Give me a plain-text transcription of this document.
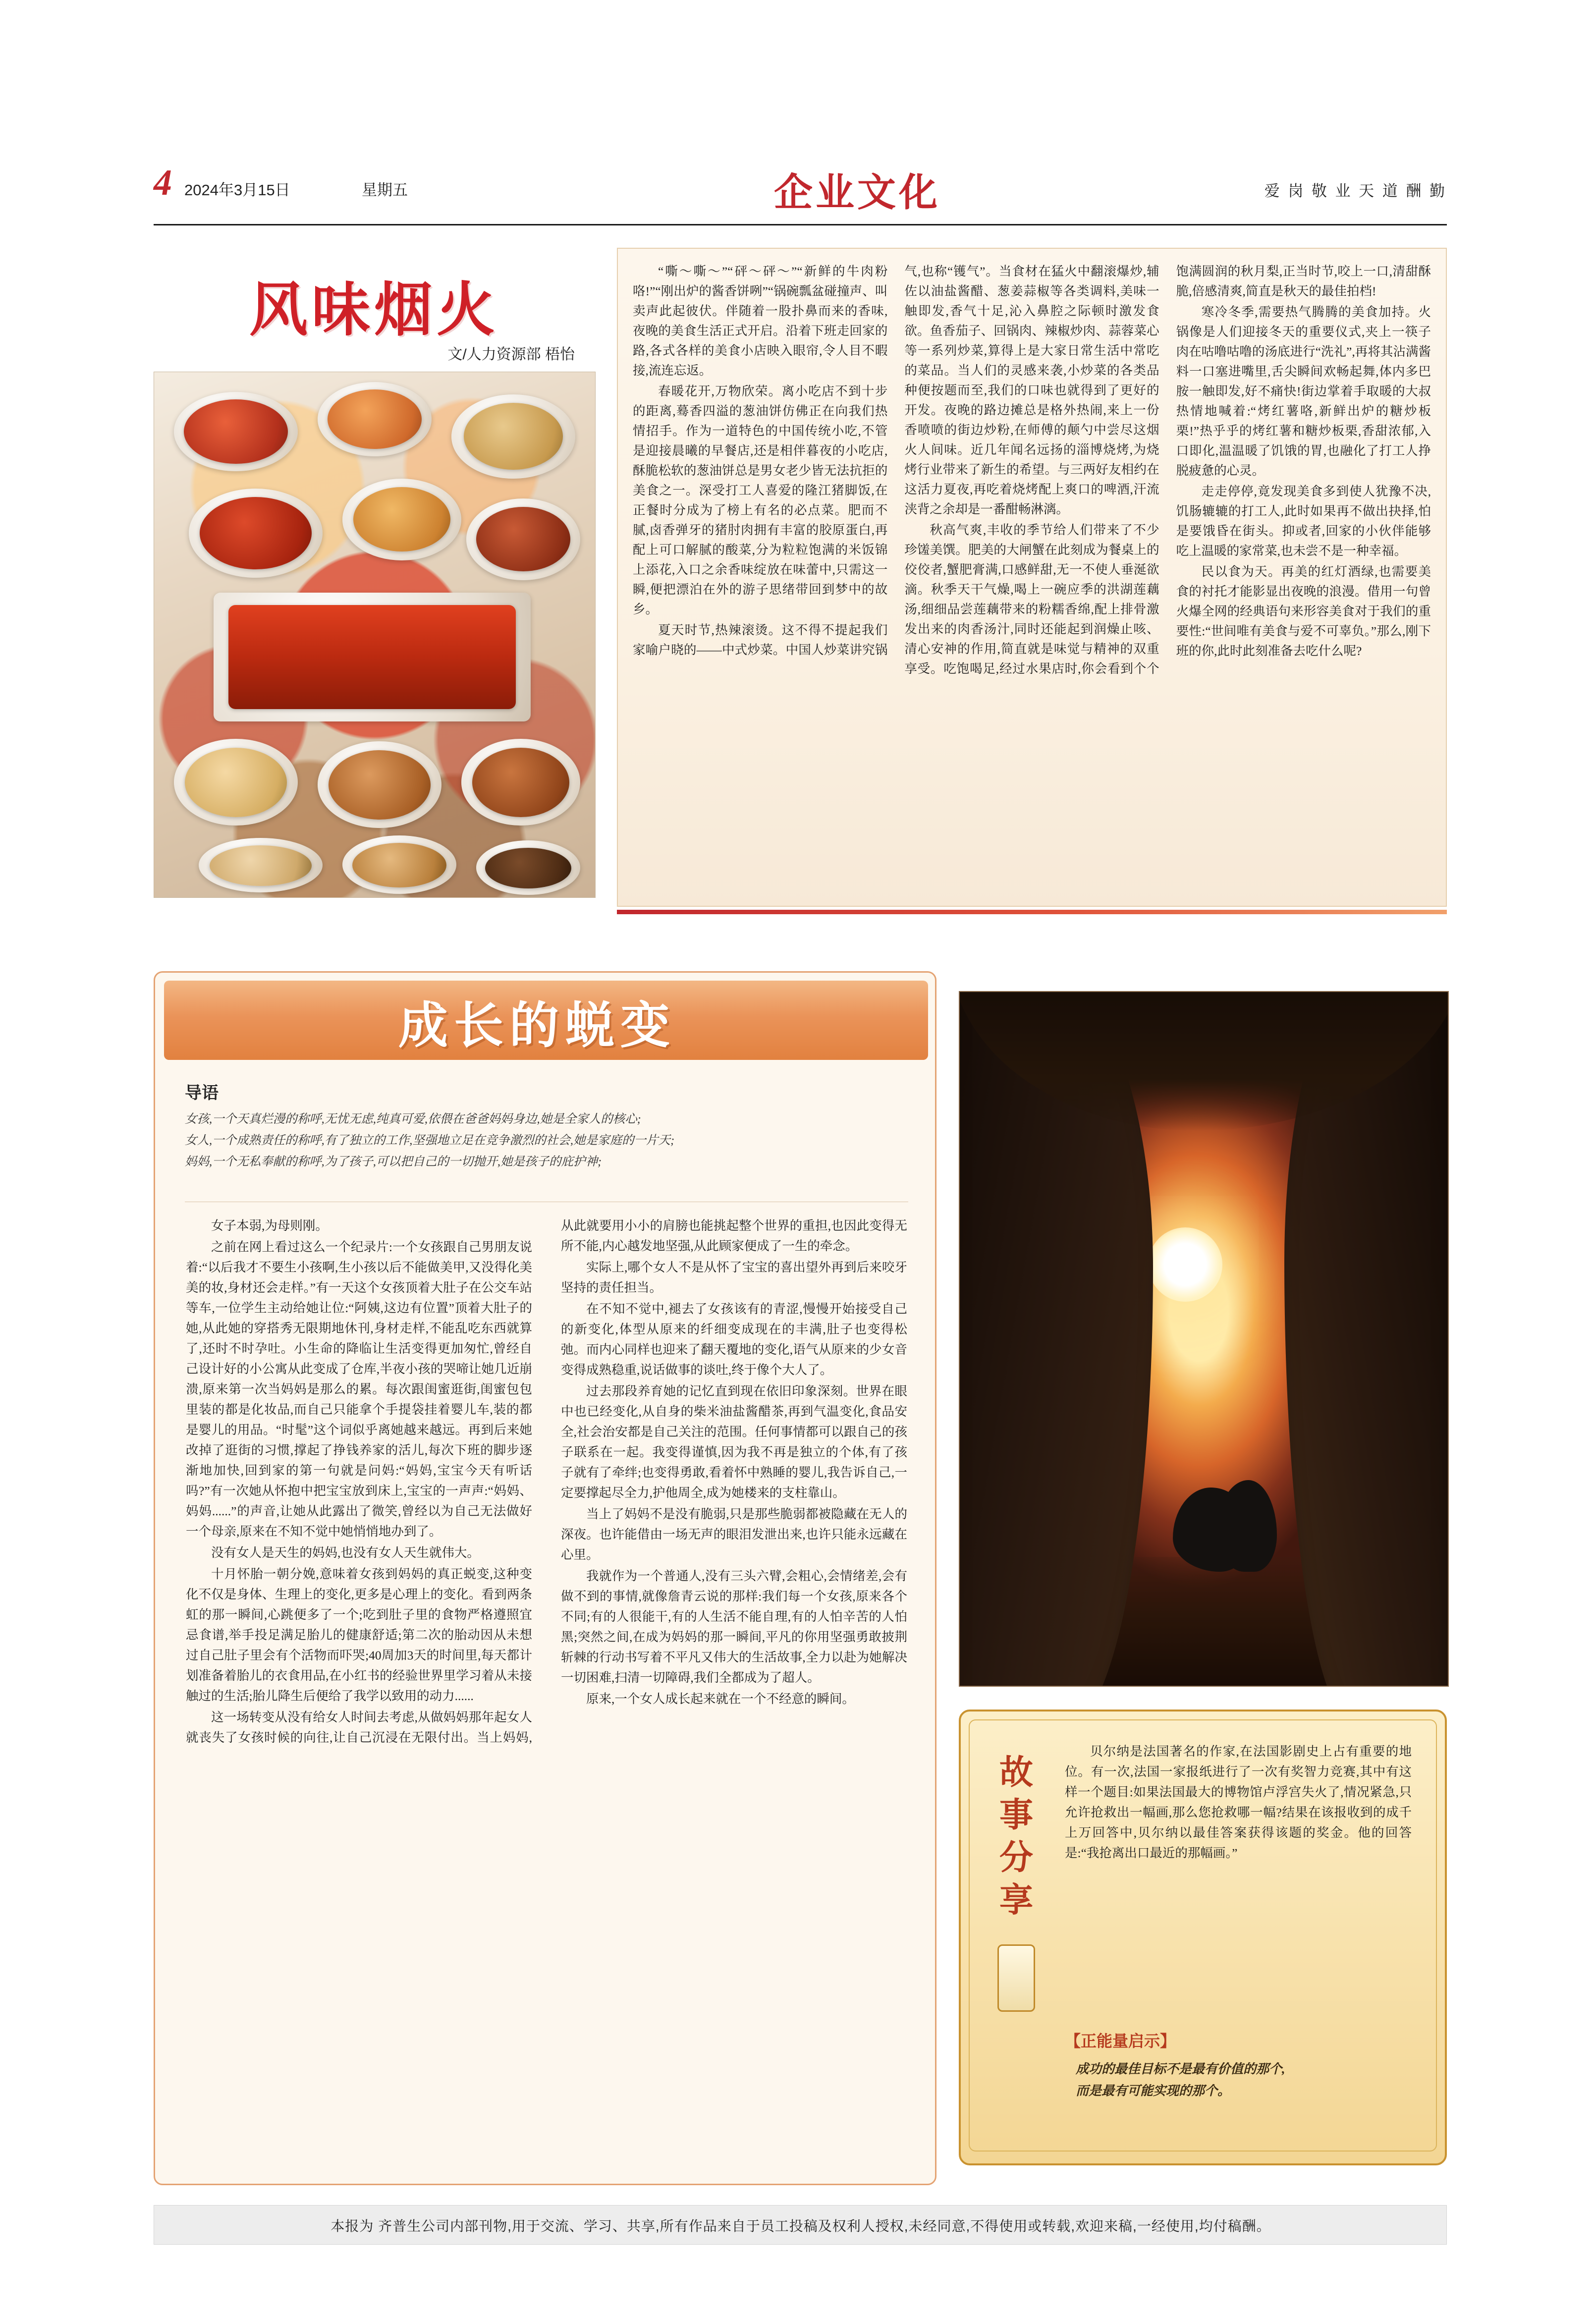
4 2024年3月15日	星期五	企业文化	爱 岗 敬 业 天 道 酬 勤
风味烟火
文/人力资源部 梧怡

“嘶〜嘶〜”“砰〜砰〜”“新鲜的牛肉粉咯!”“刚出炉的酱香饼咧”“锅碗瓢盆碰撞声、叫卖声此起彼伏。伴随着一股扑鼻而来的香味,夜晚的美食生活正式开启。沿着下班走回家的路,各式各样的美食小店映入眼帘,令人目不暇接,流连忘返。

春暖花开,万物欣荣。离小吃店不到十步的距离,蓦香四溢的葱油饼仿佛正在向我们热情招手。作为一道特色的中国传统小吃,不管是迎接晨曦的早餐店,还是相伴暮夜的小吃店,酥脆松软的葱油饼总是男女老少皆无法抗拒的美食之一。深受打工人喜爱的隆江猪脚饭,在正餐时分成为了榜上有名的必点菜。肥而不腻,卤香弹牙的猪肘肉拥有丰富的胶原蛋白,再配上可口解腻的酸菜,分为粒粒饱满的米饭锦上添花,入口之余香味绽放在味蕾中,只需这一瞬,便把漂泊在外的游子思绪带回到梦中的故乡。

夏天时节,热辣滚烫。这不得不提起我们家喻户晓的——中式炒菜。中国人炒菜讲究锅气,也称“镬气”。当食材在猛火中翻滚爆炒,辅佐以油盐酱醋、葱姜蒜椒等各类调料,美味一触即发,香气十足,沁入鼻腔之际顿时激发食欲。鱼香茄子、回锅肉、辣椒炒肉、蒜蓉菜心等一系列炒菜,算得上是大家日常生活中常吃的菜品。当人们的灵感来袭,小炒菜的各类品种便按题而至,我们的口味也就得到了更好的开发。夜晚的路边摊总是格外热闹,来上一份香喷喷的街边炒粉,在师傅的颠勺中尝尽这烟火人间味。近几年闻名远扬的淄博烧烤,为烧烤行业带来了新生的希望。与三两好友相约在这活力夏夜,再吃着烧烤配上爽口的啤酒,汗流浃背之余却是一番酣畅淋漓。

秋高气爽,丰收的季节给人们带来了不少珍馐美馔。肥美的大闸蟹在此刻成为餐桌上的佼佼者,蟹肥膏满,口感鲜甜,无一不使人垂涎欲滴。秋季天干气燥,喝上一碗应季的洪湖莲藕汤,细细品尝莲藕带来的粉糯香绵,配上排骨激发出来的肉香汤汁,同时还能起到润燥止咳、清心安神的作用,简直就是味觉与精神的双重享受。吃饱喝足,经过水果店时,你会看到个个饱满圆润的秋月梨,正当时节,咬上一口,清甜酥脆,倍感清爽,简直是秋天的最佳拍档!

寒冷冬季,需要热气腾腾的美食加持。火锅像是人们迎接冬天的重要仪式,夹上一筷子肉在咕噜咕噜的汤底进行“洗礼”,再将其沾满酱料一口塞进嘴里,舌尖瞬间欢畅起舞,体内多巴胺一触即发,好不痛快!街边掌着手取暖的大叔热情地喊着:“烤红薯咯,新鲜出炉的糖炒板栗!”热乎乎的烤红薯和糖炒板栗,香甜浓郁,入口即化,温温暖了饥饿的胃,也融化了打工人挣脱疲惫的心灵。

走走停停,竟发现美食多到使人犹豫不决,饥肠辘辘的打工人,此时如果再不做出抉择,怕是要饿昏在街头。抑或者,回家的小伙伴能够吃上温暖的家常菜,也未尝不是一种幸福。

民以食为天。再美的红灯酒绿,也需要美食的衬托才能影显出夜晚的浪漫。借用一句曾火爆全网的经典语句来形容美食对于我们的重要性:“世间唯有美食与爱不可辜负。”那么,刚下班的你,此时此刻准备去吃什么呢?

成长的蜕变
导语

女孩,一个天真烂漫的称呼,无忧无虑,纯真可爱,依偎在爸爸妈妈身边,她是全家人的核心;

女人,一个成熟责任的称呼,有了独立的工作,坚强地立足在竞争激烈的社会,她是家庭的一片天;

妈妈,一个无私奉献的称呼,为了孩子,可以把自己的一切抛开,她是孩子的庇护神;

女子本弱,为母则刚。

之前在网上看过这么一个纪录片:一个女孩跟自己男朋友说着:“以后我才不要生小孩啊,生小孩以后不能做美甲,又没得化美美的妆,身材还会走样。”有一天这个女孩顶着大肚子在公交车站等车,一位学生主动给她让位:“阿姨,这边有位置”顶着大肚子的她,从此她的穿搭秀无限期地休刊,身材走样,不能乱吃东西就算了,还时不时孕吐。小生命的降临让生活变得更加匆忙,曾经自己设计好的小公寓从此变成了仓库,半夜小孩的哭啼让她几近崩溃,原来第一次当妈妈是那么的累。每次跟闺蜜逛街,闺蜜包包里装的都是化妆品,而自己只能拿个手提袋挂着婴儿车,装的都是婴儿的用品。“时髦”这个词似乎离她越来越远。再到后来她改掉了逛街的习惯,撑起了挣钱养家的活儿,每次下班的脚步逐渐地加快,回到家的第一句就是问妈:“妈妈,宝宝今天有听话吗?”有一次她从怀抱中把宝宝放到床上,宝宝的一声声:“妈妈、妈妈......”的声音,让她从此露出了微笑,曾经以为自己无法做好一个母亲,原来在不知不觉中她悄悄地办到了。

没有女人是天生的妈妈,也没有女人天生就伟大。

十月怀胎一朝分娩,意味着女孩到妈妈的真正蜕变,这种变化不仅是身体、生理上的变化,更多是心理上的变化。看到两条虹的那一瞬间,心跳便多了一个;吃到肚子里的食物严格遵照宜忌食谱,举手投足满足胎儿的健康舒适;第二次的胎动因从未想过自己肚子里会有个活物而吓哭;40周加3天的时间里,每天都计划准备着胎儿的衣食用品,在小红书的经验世界里学习着从未接触过的生活;胎儿降生后便给了我学以致用的动力......

这一场转变从没有给女人时间去考虑,从做妈妈那年起女人就丧失了女孩时候的向往,让自己沉浸在无限付出。当上妈妈,从此就要用小小的肩膀也能挑起整个世界的重担,也因此变得无所不能,内心越发地坚强,从此顾家便成了一生的牵念。

实际上,哪个女人不是从怀了宝宝的喜出望外再到后来咬牙坚持的责任担当。

在不知不觉中,褪去了女孩该有的青涩,慢慢开始接受自己的新变化,体型从原来的纤细变成现在的丰满,肚子也变得松弛。而内心同样也迎来了翻天覆地的变化,语气从原来的少女音变得成熟稳重,说话做事的谈吐,终于像个大人了。

过去那段养育她的记忆直到现在依旧印象深刻。世界在眼中也已经变化,从自身的柴米油盐酱醋茶,再到气温变化,食品安全,社会治安都是自己关注的范围。任何事情都可以跟自己的孩子联系在一起。我变得谨慎,因为我不再是独立的个体,有了孩子就有了牵绊;也变得勇敢,看着怀中熟睡的婴儿,我告诉自己,一定要撑起尽全力,护他周全,成为她楼来的支柱靠山。

当上了妈妈不是没有脆弱,只是那些脆弱都被隐藏在无人的深夜。也许能借由一场无声的眼泪发泄出来,也许只能永远藏在心里。

我就作为一个普通人,没有三头六臂,会粗心,会情绪差,会有做不到的事情,就像詹青云说的那样:我们每一个女孩,原来各个不同;有的人很能干,有的人生活不能自理,有的人怕辛苦的人怕黑;突然之间,在成为妈妈的那一瞬间,平凡的你用坚强勇敢披荆斩棘的行动书写着不平凡又伟大的生活故事,全力以赴为她解决一切困难,扫清一切障碍,我们全都成为了超人。

原来,一个女人成长起来就在一个不经意的瞬间。

故
事
分
享

贝尔纳是法国著名的作家,在法国影剧史上占有重要的地位。有一次,法国一家报纸进行了一次有奖智力竞赛,其中有这样一个题目:如果法国最大的博物馆卢浮宫失火了,情况紧急,只允许抢救出一幅画,那么您抢救哪一幅?结果在该报收到的成千上万回答中,贝尔纳以最佳答案获得该题的奖金。他的回答是:“我抢离出口最近的那幅画。”

【正能量启示】

成功的最佳目标不是最有价值的那个,

而是最有可能实现的那个。

本报为 齐普生公司内部刊物,用于交流、学习、共享,所有作品来自于员工投稿及权利人授权,未经同意,不得使用或转载,欢迎来稿,一经使用,均付稿酬。
